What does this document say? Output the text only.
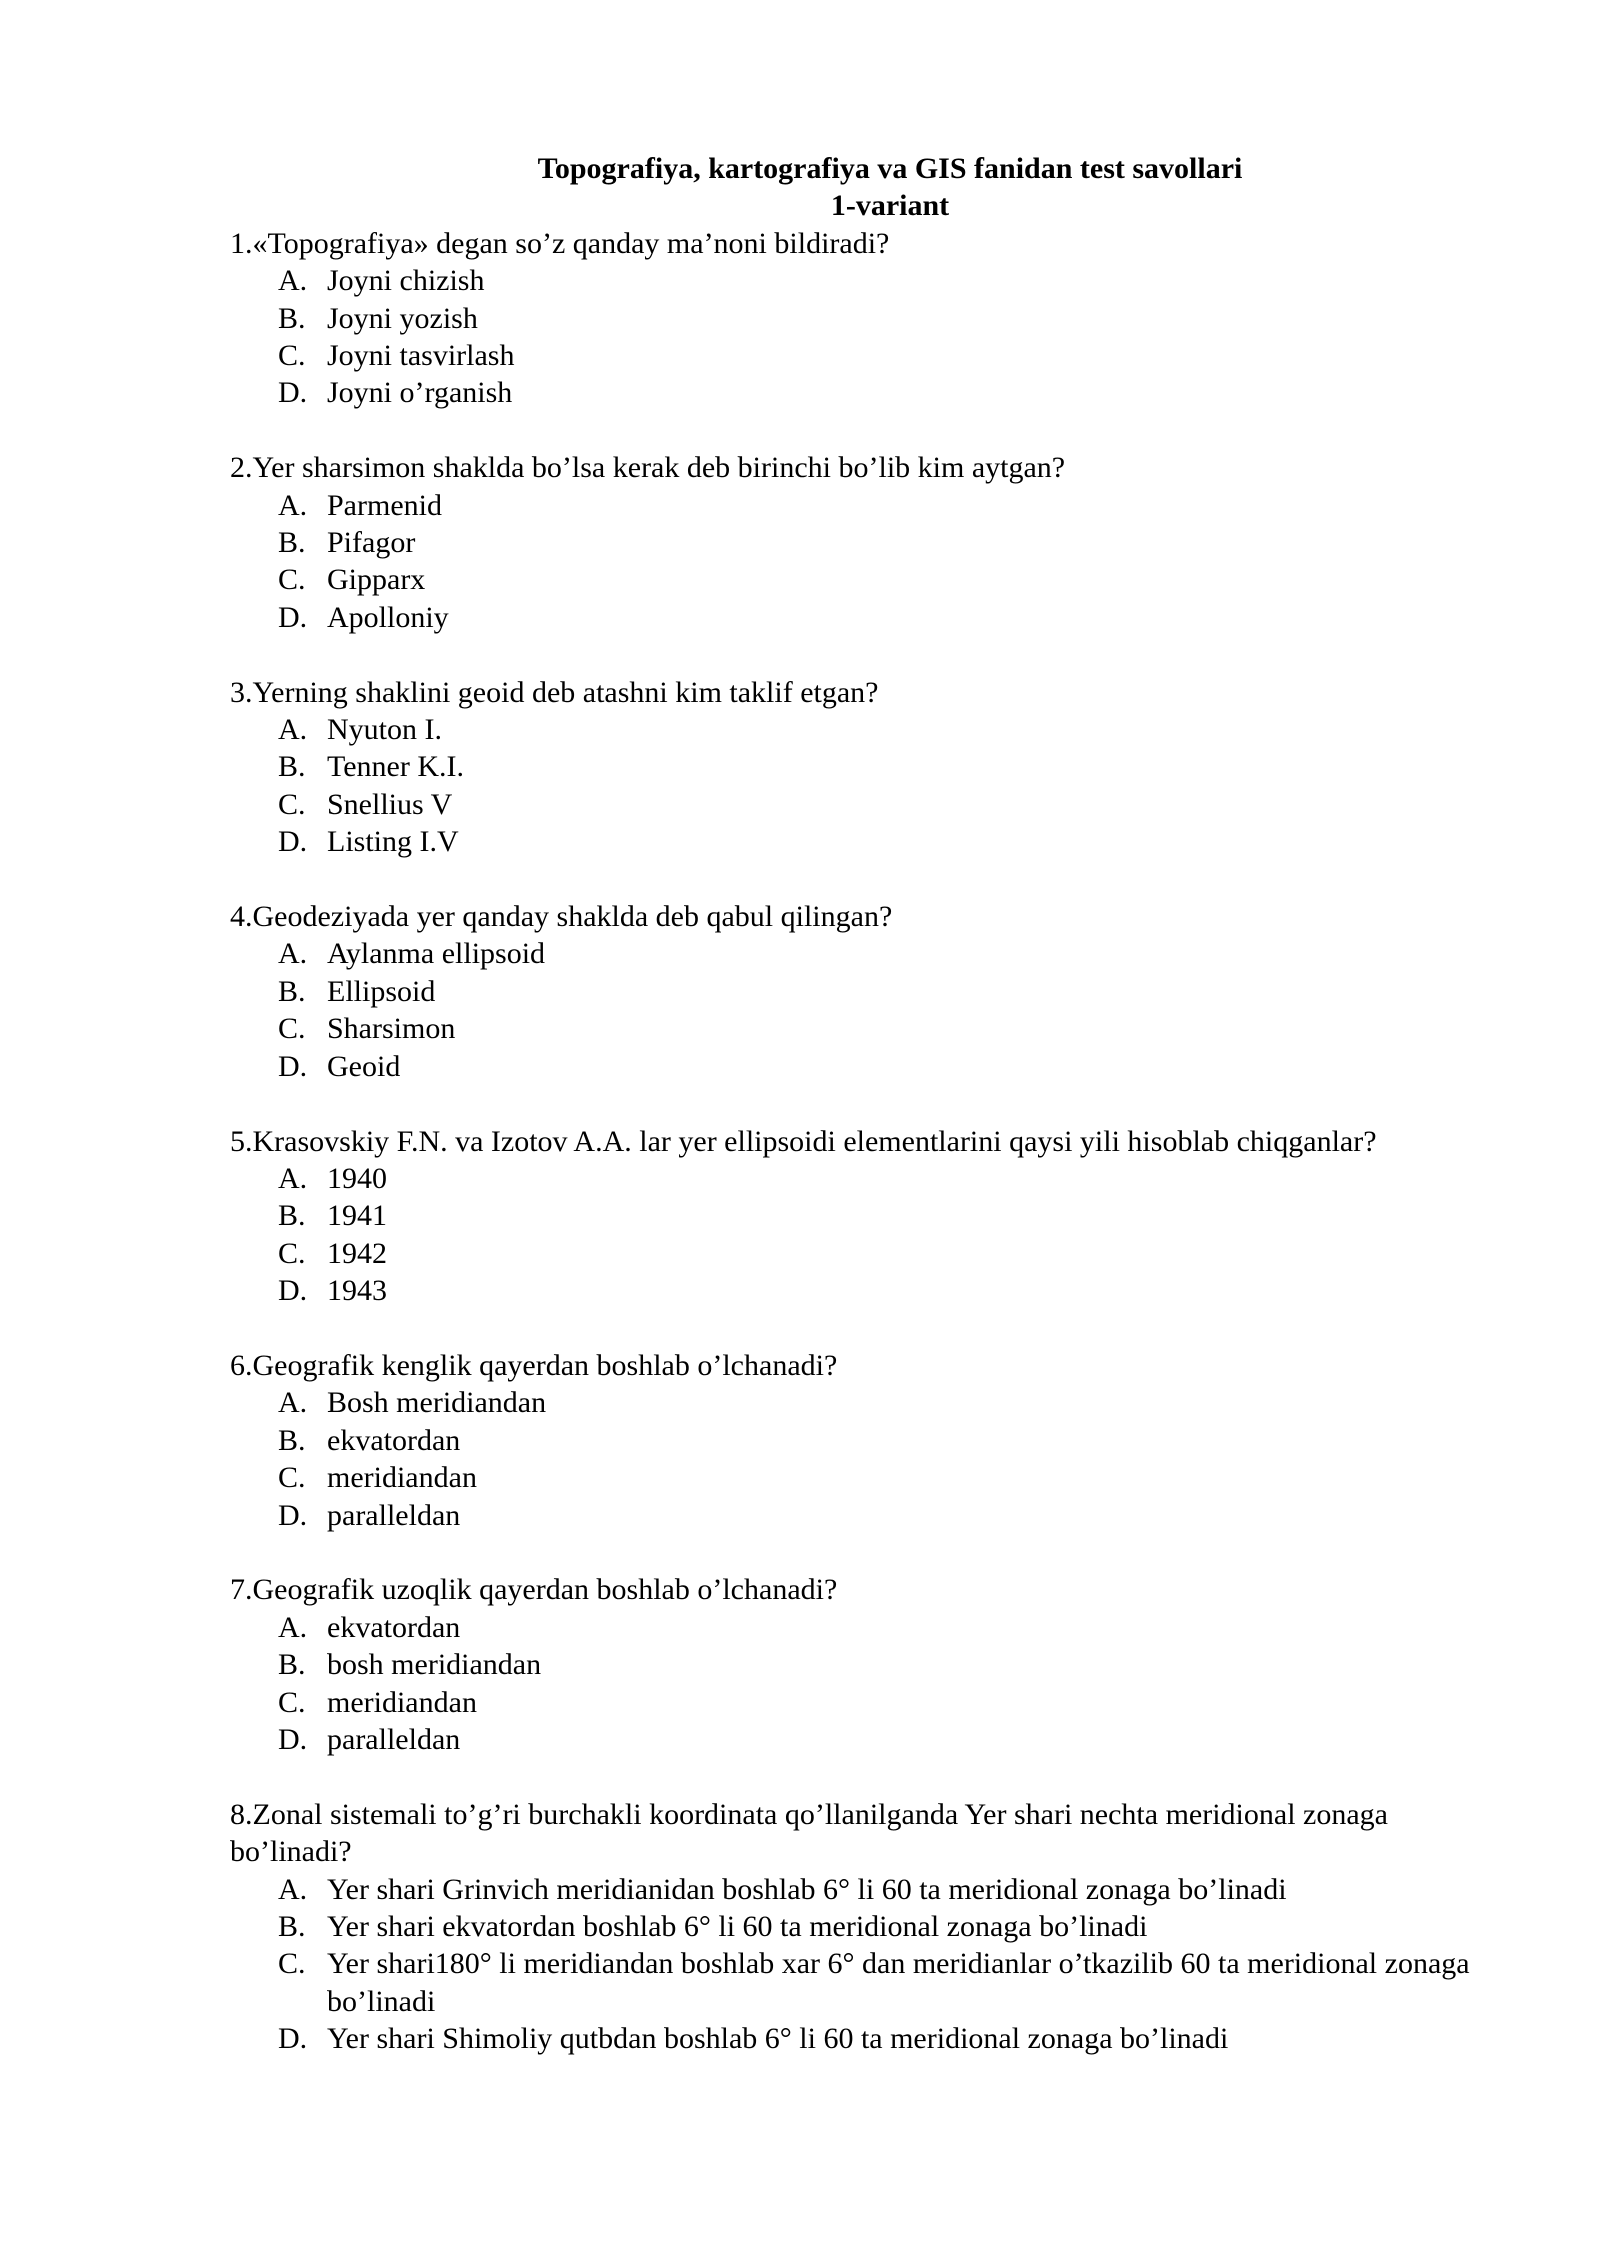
Topografiya, kartografiya va GIS fanidan test savollari
1-variant
1.«Topografiya» degan so’z qanday ma’noni bildiradi?
A. Joyni chizish
B. Joyni yozish
C. Joyni tasvirlash
D. Joyni o’rganish
2.Yer sharsimon shaklda bo’lsa kerak deb birinchi bo’lib kim aytgan?
A. Parmenid
B. Pifagor
C. Gipparx
D. Apolloniy
3.Yerning shaklini geoid deb atashni kim taklif etgan?
A. Nyuton I.
B. Tenner K.I.
C. Snellius V
D. Listing I.V
4.Geodeziyada yer qanday shaklda deb qabul qilingan?
A. Aylanma ellipsoid
B. Ellipsoid
C. Sharsimon
D. Geoid
5.Krasovskiy F.N. va Izotov A.A. lar yer ellipsoidi elementlarini qaysi yili hisoblab chiqganlar?
A. 1940
B. 1941
C. 1942
D. 1943
6.Geografik kenglik qayerdan boshlab o’lchanadi?
A. Bosh meridiandan
B. ekvatordan
C. meridiandan
D. paralleldan
7.Geografik uzoqlik qayerdan boshlab o’lchanadi?
A. ekvatordan
B. bosh meridiandan
C. meridiandan
D. paralleldan
8.Zonal sistemali to’g’ri burchakli koordinata qo’llanilganda Yer shari nechta meridional zonaga bo’linadi?
A. Yer shari Grinvich meridianidan boshlab 6° li 60 ta meridional zonaga bo’linadi
B. Yer shari ekvatordan boshlab 6° li 60 ta meridional zonaga bo’linadi
C. Yer shari180° li meridiandan boshlab xar 6° dan meridianlar o’tkazilib 60 ta meridional zonaga bo’linadi
D. Yer shari Shimoliy qutbdan boshlab 6° li 60 ta meridional zonaga bo’linadi
